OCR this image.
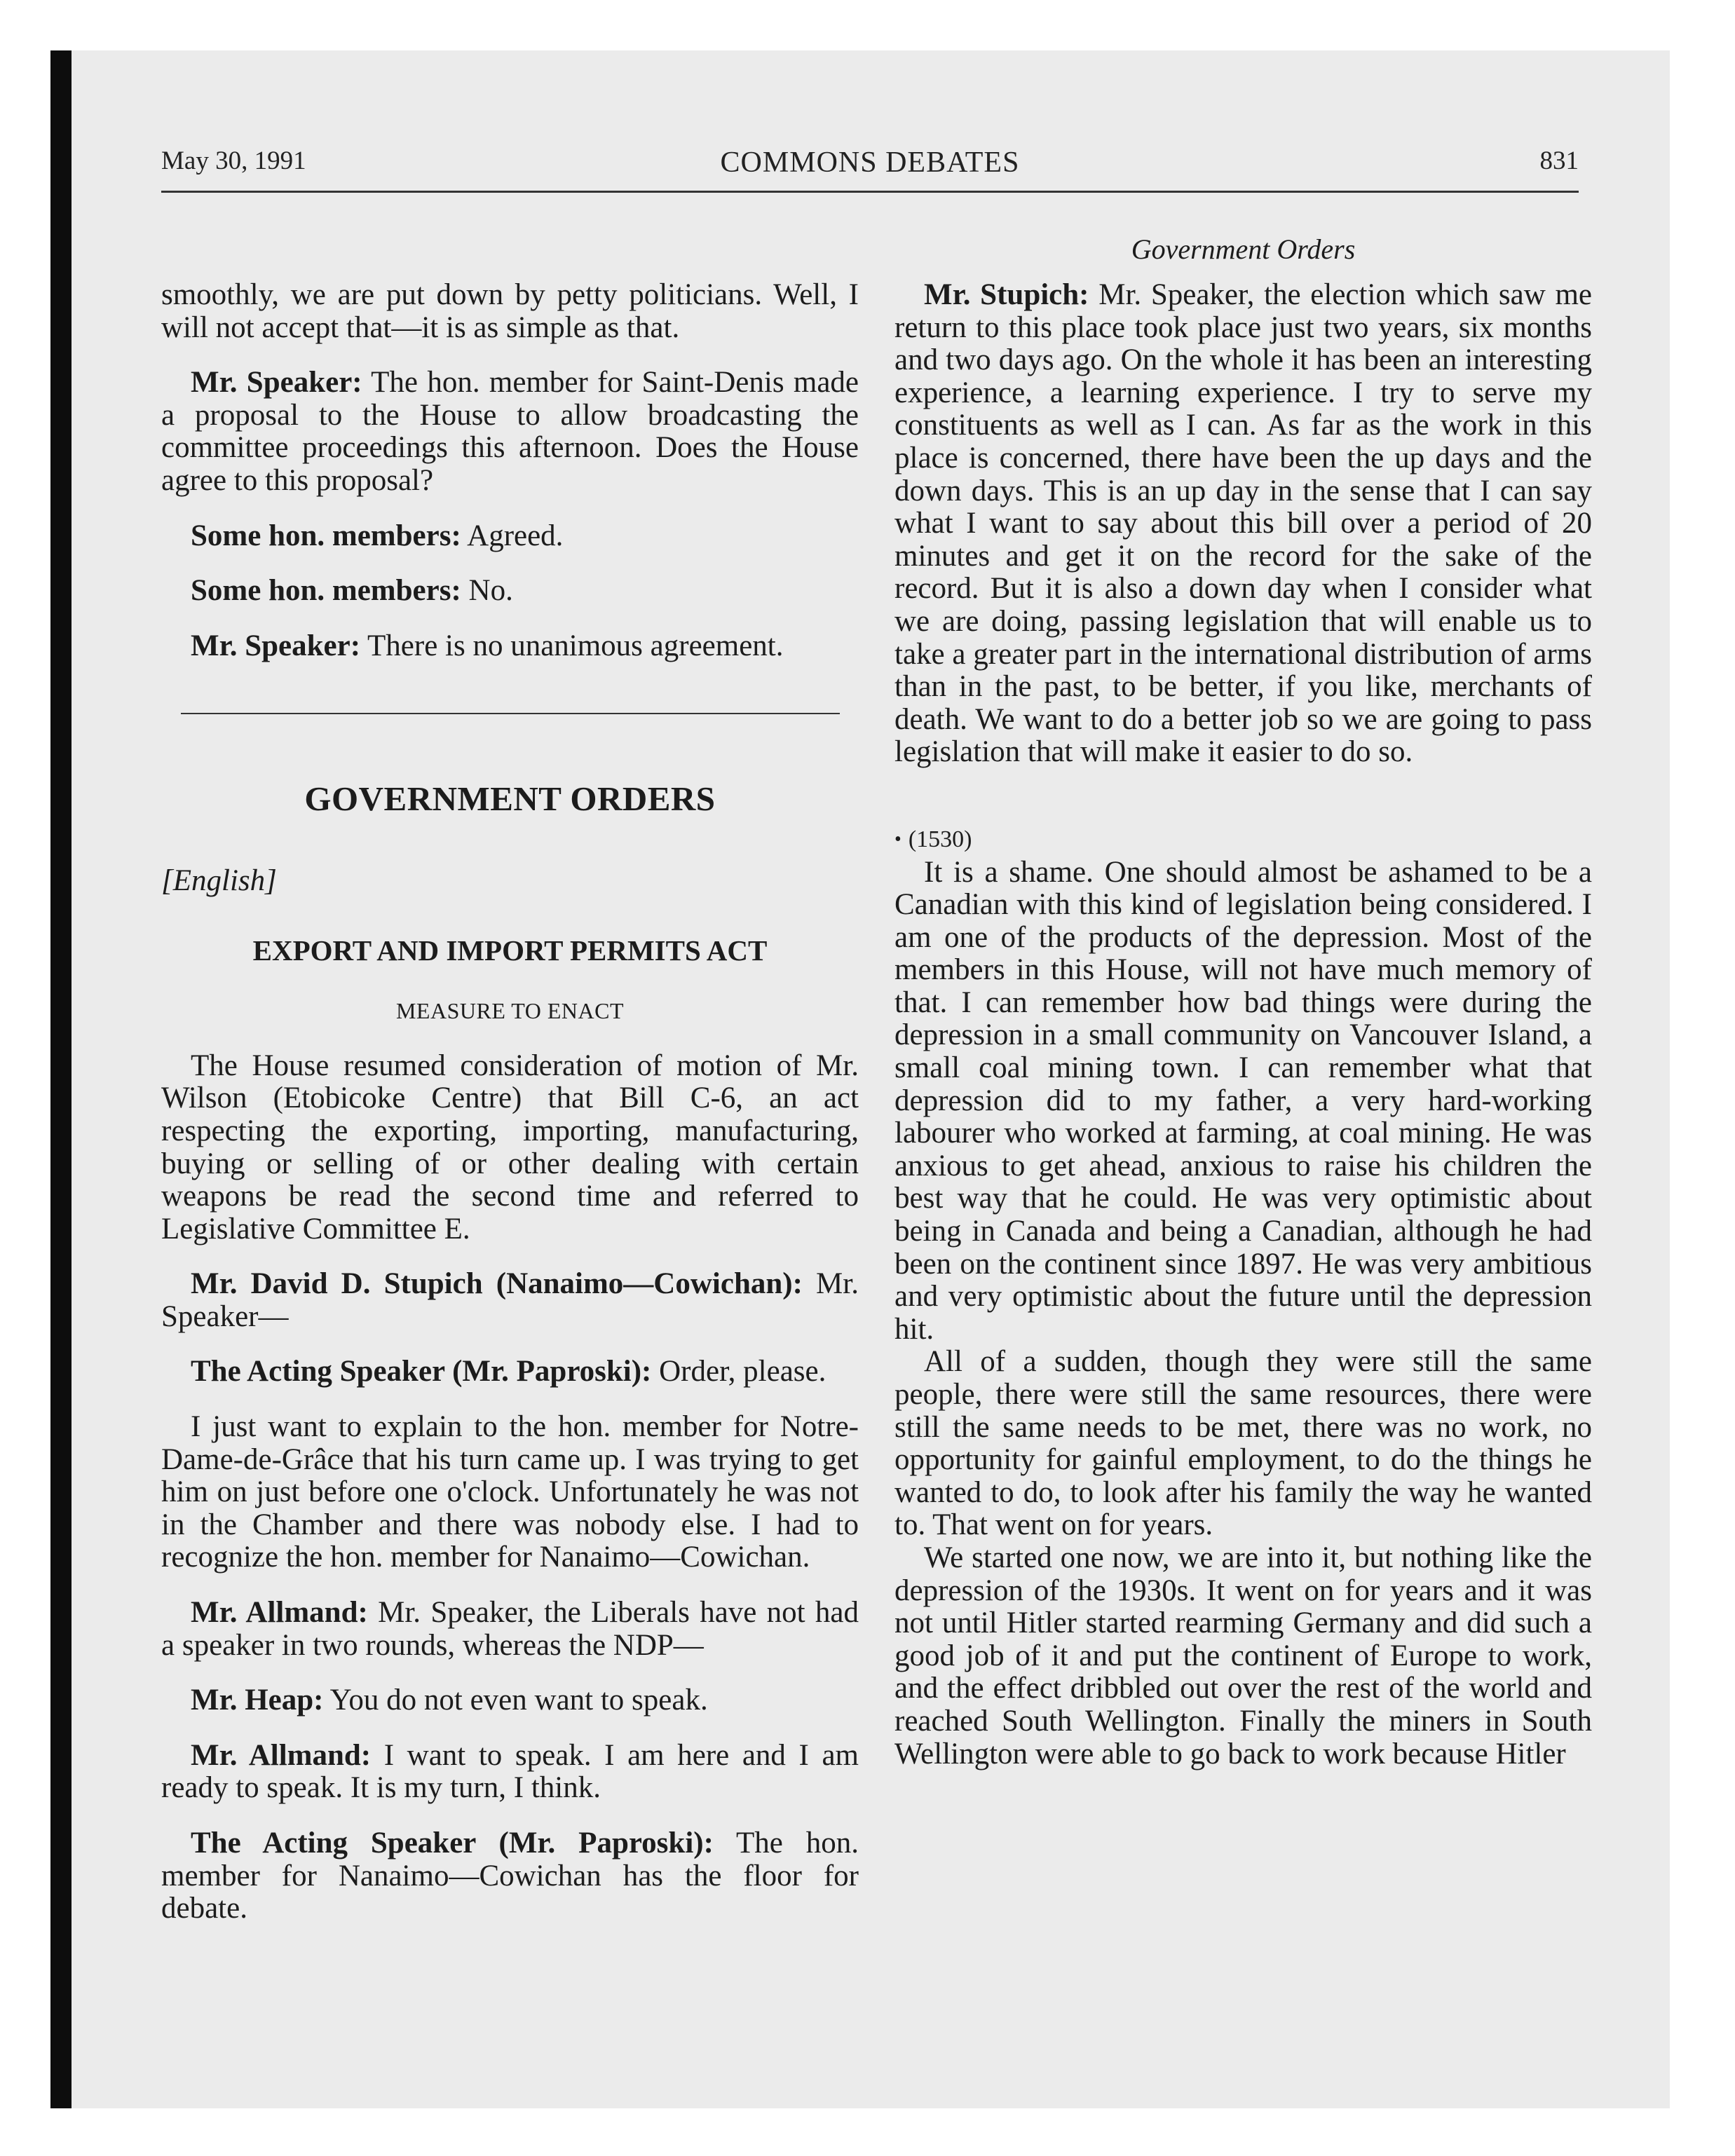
May 30, 1991	COMMONS DEBATES	831
Government Orders

smoothly, we are put down by petty politicians. Well, I will not accept that—it is as simple as that.

Mr. Speaker: The hon. member for Saint-Denis made a proposal to the House to allow broadcasting the committee proceedings this afternoon. Does the House agree to this proposal?

Some hon. members: Agreed.

Some hon. members: No.

Mr. Speaker: There is no unanimous agreement.

GOVERNMENT ORDERS
[English]
EXPORT AND IMPORT PERMITS ACT
MEASURE TO ENACT

The House resumed consideration of motion of Mr. Wilson (Etobicoke Centre) that Bill C-6, an act respecting the exporting, importing, manufacturing, buying or selling of or other dealing with certain weapons be read the second time and referred to Legislative Committee E.

Mr. David D. Stupich (Nanaimo—Cowichan): Mr. Speaker—

The Acting Speaker (Mr. Paproski): Order, please.

I just want to explain to the hon. member for Notre-Dame-de-Grâce that his turn came up. I was trying to get him on just before one o'clock. Unfortunately he was not in the Chamber and there was nobody else. I had to recognize the hon. member for Nanaimo—Cowichan.

Mr. Allmand: Mr. Speaker, the Liberals have not had a speaker in two rounds, whereas the NDP—

Mr. Heap: You do not even want to speak.

Mr. Allmand: I want to speak. I am here and I am ready to speak. It is my turn, I think.

The Acting Speaker (Mr. Paproski): The hon. member for Nanaimo—Cowichan has the floor for debate.

Mr. Stupich: Mr. Speaker, the election which saw me return to this place took place just two years, six months and two days ago. On the whole it has been an interesting experience, a learning experience. I try to serve my constituents as well as I can. As far as the work in this place is concerned, there have been the up days and the down days. This is an up day in the sense that I can say what I want to say about this bill over a period of 20 minutes and get it on the record for the sake of the record. But it is also a down day when I consider what we are doing, passing legislation that will enable us to take a greater part in the international distribution of arms than in the past, to be better, if you like, merchants of death. We want to do a better job so we are going to pass legislation that will make it easier to do so.

• (1530)

It is a shame. One should almost be ashamed to be a Canadian with this kind of legislation being considered. I am one of the products of the depression. Most of the members in this House, will not have much memory of that. I can remember how bad things were during the depression in a small community on Vancouver Island, a small coal mining town. I can remember what that depression did to my father, a very hard-working labourer who worked at farming, at coal mining. He was anxious to get ahead, anxious to raise his children the best way that he could. He was very optimistic about being in Canada and being a Canadian, although he had been on the continent since 1897. He was very ambitious and very optimistic about the future until the depression hit.

All of a sudden, though they were still the same people, there were still the same resources, there were still the same needs to be met, there was no work, no opportunity for gainful employment, to do the things he wanted to do, to look after his family the way he wanted to. That went on for years.

We started one now, we are into it, but nothing like the depression of the 1930s. It went on for years and it was not until Hitler started rearming Germany and did such a good job of it and put the continent of Europe to work, and the effect dribbled out over the rest of the world and reached South Wellington. Finally the miners in South Wellington were able to go back to work because Hitler
